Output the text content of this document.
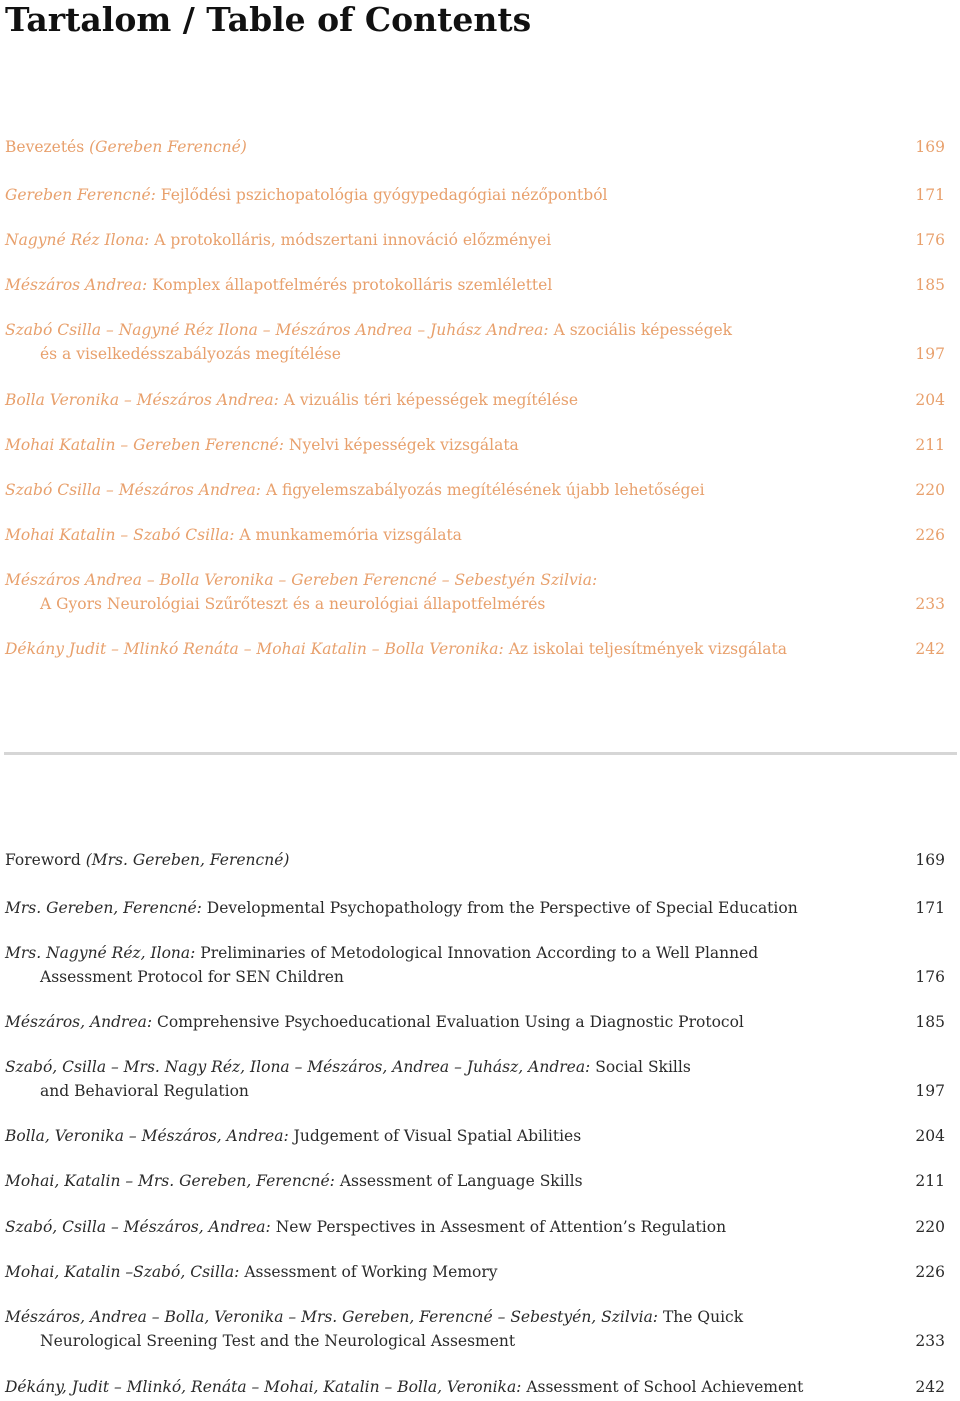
Tartalom / Table of Contents
Bevezetés (Gereben Ferencné)	169
Gereben Ferencné: Fejlődési pszichopatológia gyógypedagógiai nézőpontból	171
Nagyné Réz Ilona: A protokolláris, módszertani innováció előzményei	176
Mészáros Andrea: Komplex állapotfelmérés protokolláris szemlélettel	185
Szabó Csilla – Nagyné Réz Ilona – Mészáros Andrea – Juhász Andrea: A szociális képességek
és a viselkedésszabályozás megítélése	197
Bolla Veronika – Mészáros Andrea: A vizuális téri képességek megítélése	204
Mohai Katalin – Gereben Ferencné: Nyelvi képességek vizsgálata	211
Szabó Csilla – Mészáros Andrea: A figyelemszabályozás megítélésének újabb lehetőségei	220
Mohai Katalin – Szabó Csilla: A munkamemória vizsgálata	226
Mészáros Andrea – Bolla Veronika – Gereben Ferencné – Sebestyén Szilvia:
A Gyors Neurológiai Szűrőteszt és a neurológiai állapotfelmérés	233
Dékány Judit – Mlinkó Renáta – Mohai Katalin – Bolla Veronika: Az iskolai teljesítmények vizsgálata	242
Foreword (Mrs. Gereben, Ferencné)	169
Mrs. Gereben, Ferencné: Developmental Psychopathology from the Perspective of Special Education	171
Mrs. Nagyné Réz, Ilona: Preliminaries of Metodological Innovation According to a Well Planned
Assessment Protocol for SEN Children	176
Mészáros, Andrea: Comprehensive Psychoeducational Evaluation Using a Diagnostic Protocol	185
Szabó, Csilla – Mrs. Nagy Réz, Ilona – Mészáros, Andrea – Juhász, Andrea: Social Skills
and Behavioral Regulation	197
Bolla, Veronika – Mészáros, Andrea: Judgement of Visual Spatial Abilities	204
Mohai, Katalin – Mrs. Gereben, Ferencné: Assessment of Language Skills	211
Szabó, Csilla – Mészáros, Andrea: New Perspectives in Assesment of Attention’s Regulation	220
Mohai, Katalin –Szabó, Csilla: Assessment of Working Memory	226
Mészáros, Andrea – Bolla, Veronika – Mrs. Gereben, Ferencné – Sebestyén, Szilvia: The Quick
Neurological Sreening Test and the Neurological Assesment	233
Dékány, Judit – Mlinkó, Renáta – Mohai, Katalin – Bolla, Veronika: Assessment of School Achievement	242
